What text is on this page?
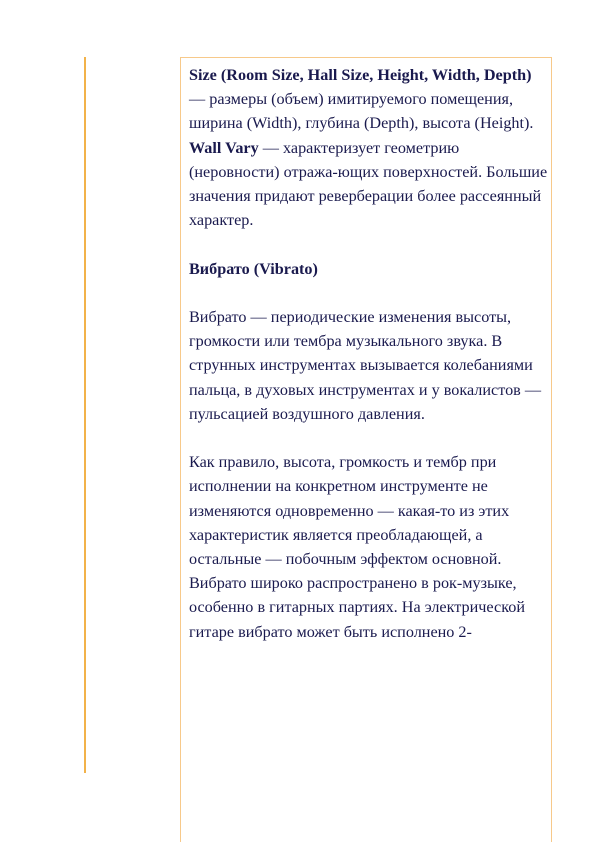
Size (Room Size, Hall Size, Height, Width, Depth) — размеры (объем) имитируемого помещения, ширина (Width), глубина (Depth), высота (Height).

Wall Vary — характеризует геометрию (неровности) отража-ющих поверхностей. Большие значения придают реверберации более рассеянный характер.

Вибрато (Vibrato)

Вибрато — периодические изменения высоты, громкости или тембра музыкального звука. В струнных инструментах вызывается колебаниями пальца, в духовых инструментах и у вокалистов — пульсацией воздушного давления.

Как правило, высота, громкость и тембр при исполнении на конкретном инструменте не изменяются одновременно — какая-то из этих характеристик является преобладающей, а остальные — побочным эффектом основной. Вибрато широко распространено в рок-музыке, особенно в гитарных партиях. На электрической гитаре вибрато может быть исполнено 2-
